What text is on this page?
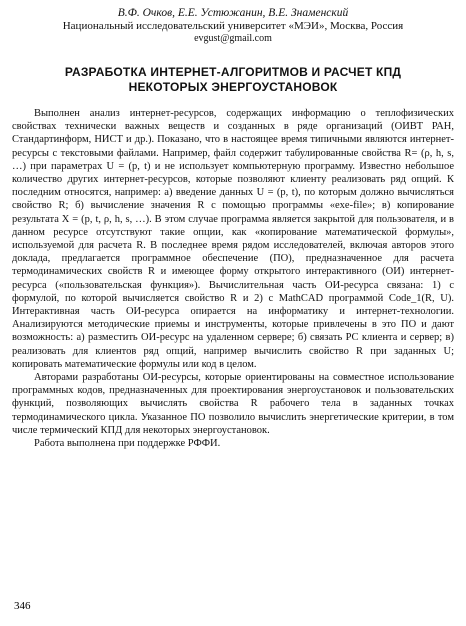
В.Ф. Очков, Е.Е. Устюжанин, В.Е. Знаменский
Национальный исследовательский университет «МЭИ», Москва, Россия
evgust@gmail.com
РАЗРАБОТКА ИНТЕРНЕТ-АЛГОРИТМОВ И РАСЧЕТ КПД
НЕКОТОРЫХ ЭНЕРГОУСТАНОВОК

Выполнен анализ интернет-ресурсов, содержащих информацию о теплофизических свойствах технически важных веществ и созданных в ряде организаций (ОИВТ РАН, Стандартинформ, НИСТ и др.). Показано, что в настоящее время типичными являются интернет-ресурсы с текстовыми файлами. Например, файл содержит табулированные свойства R= (ρ, h, s, …) при параметрах U = (p, t) и не использует компьютерную программу. Известно небольшое количество других интернет-ресурсов, которые позволяют клиенту реализовать ряд опций. К последним относятся, например: а) введение данных U = (p, t), по которым должно вычисляться свойство R; б) вычисление значения R с помощью программы «exe-file»; в) копирование результата X = (p, t, ρ, h, s, …). В этом случае программа является закрытой для пользователя, и в данном ресурсе отсутствуют такие опции, как «копирование математической формулы», используемой для расчета R. В последнее время рядом исследователей, включая авторов этого доклада, предлагается программное обеспечение (ПО), предназначенное для расчета термодинамических свойств R и имеющее форму открытого интерактивного (ОИ) интернет-ресурса («пользовательская функция»). Вычислительная часть ОИ-ресурса связана: 1) с формулой, по которой вычисляется свойство R и 2) с MathCAD программой Code_1(R, U). Интерактивная часть ОИ-ресурса опирается на информатику и интернет-технологии. Анализируются методические приемы и инструменты, которые привлечены в это ПО и дают возможность: а) разместить ОИ-ресурс на удаленном сервере; б) связать PC клиента и сервер; в) реализовать для клиентов ряд опций, например вычислить свойство R при заданных U; копировать математические формулы или код в целом.

Авторами разработаны ОИ-ресурсы, которые ориентированы на совместное использование программных кодов, предназначенных для проектирования энергоустановок и пользовательских функций, позволяющих вычислять свойства R рабочего тела в заданных точках термодинамического цикла. Указанное ПО позволило вычислить энергетические критерии, в том числе термический КПД для некоторых энергоустановок.

Работа выполнена при поддержке РФФИ.

346
